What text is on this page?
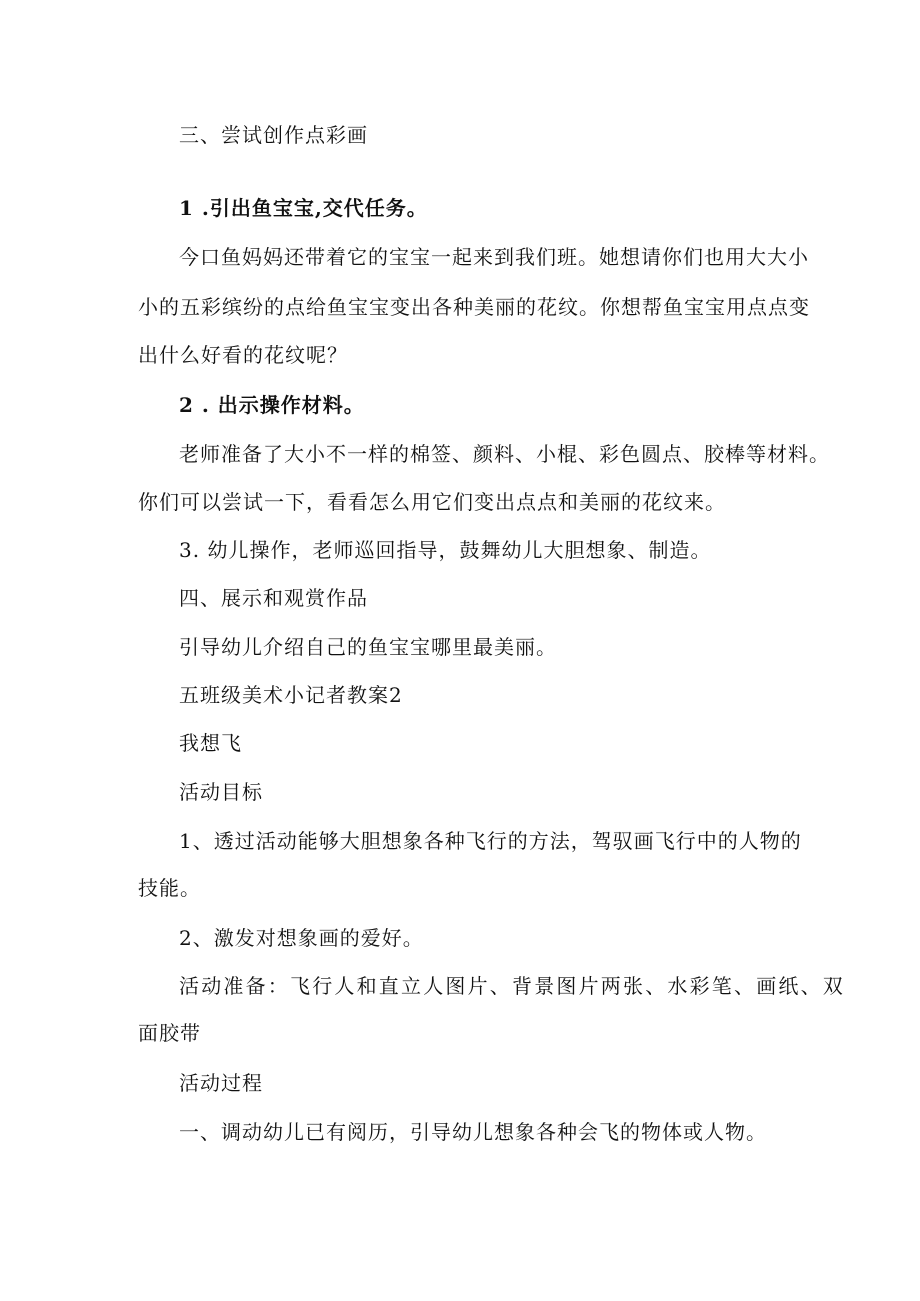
三、尝试创作点彩画
1 .引出鱼宝宝,交代任务。
今口鱼妈妈还带着它的宝宝一起来到我们班。她想请你们也用大大小
小的五彩缤纷的点给鱼宝宝变出各种美丽的花纹。你想帮鱼宝宝用点点变
出什么好看的花纹呢？
2 . 出示操作材料。
老师准备了大小不一样的棉签、颜料、小棍、彩色圆点、胶棒等材料。
你们可以尝试一下，看看怎么用它们变出点点和美丽的花纹来。
3. 幼儿操作，老师巡回指导，鼓舞幼儿大胆想象、制造。
四、展示和观赏作品
引导幼儿介绍自己的鱼宝宝哪里最美丽。
五班级美术小记者教案2
我想飞
活动目标
1、透过活动能够大胆想象各种飞行的方法，驾驭画飞行中的人物的
技能。
2、激发对想象画的爱好。
活动准备：飞行人和直立人图片、背景图片两张、水彩笔、画纸、双
面胶带
活动过程
一、调动幼儿已有阅历，引导幼儿想象各种会飞的物体或人物。
